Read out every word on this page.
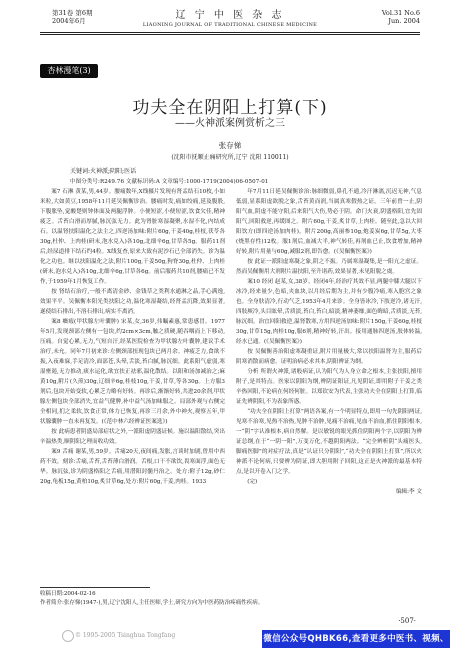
第31卷 第6期
2004年6月	辽 宁 中 医 杂 志
LIAONING JOURNAL OF TRADITIONAL CHINESE MEDICINE
Vol.31 No.6
Jun. 2004
杏林漫笔(3)
功夫全在阴阳上打算(下)
——火神派案例赏析之三
张存悌
(沈阳市抚顺止痛研究所,辽宁 沈阳 110011)
关键词:火神派;阴阳;医话
中图分类号:R249.76 文献标识码:A 文章编号:1000-1719(2004)06-0507-01

案7 石淋 黄某,男,44岁。腰痛数年,X线摄片发现有肾盂结石10枚,小如米粒,大如黄豆,1958年11月延吴佩衡诊治。腰痛时发,痛如绞痛,延及腹股,下腹胀坠,觉酸楚则钟体面及两腿浮肿。小便短涩,小便短涩,饮食欠佳,精神疲乏。舌苔白滑而厚腻,脉沉弦无力。此为肾脏寒湿凝聚,水湿不化,内结成石。以温肾扶阳温化之法主之,四逆汤加味:附片60g,干姜40g,桂枝,茯苓各30g,杜仲、上肉桂(研末,泡水兑入)各10g,北细辛6g,甘草各5g。服药11剂后,经尿道排下结石约4粒。X线复查,原来大致有泥沙石已全部消失。诊为温化之功也。继以扶阳温化之法,附片100g,干姜50g,狗脊30g,杜仲、上肉桂(研末,泡水兑入)各10g,北细辛6g,甘草各6g。前后服药共10剂,腰痛已不发作,于1959年1月恢复工作。

按 肾结石治疗,一般不离清金砂、金钱草之类利水通淋之品,手心满逸,效果平平。吴佩衡本阳光类扶阳之功,温化寒湿凝结,经肾盂沉降,效果显著,遂使结石排出,不溶石排出,病实不离消。

案8 癥瘕(甲状腺左叶囊肿) 宋某,女,36岁,伟瞩素惠,常患感冒。1977年5月,发现颈部左侧有一包块,约2cm×3cm,触之质硬,随吞咽而上下移动,压痛。自觉心累,无力,气短自汗,经某医院检查为甲状腺左叶囊肿,建议手术治疗,未允。同年7月初来诊:左侧颈部扭现包块已两月余。神疲乏力,食欲不振,入夜难寐,手足清冷,面部苍,头晕,舌淡,苔白腻,脉沉细。此系阳气虚弱,寒湿壅遏,无力推动,痰水运化,欲宜扶正祛邪,温化散结。以阳和汤加减治之;麻黄10g,附片(久煎)30g,辽细辛6g,桂枝10g,干姜,甘草,等各30g。上方服3剂后,包块开始变软,心累乏力略有好转。再诊后,渐渐好转,共进20余剂,甲状腺左侧包块全部消失,宜益气健脾,补中益气汤加味服之。局部外观与右侧完全相同,扪之柔软,饮食正常,体力已恢复,再诊三月余,外中神火,观察五年,甲状腺囊肿一直未再复发。(《范中林六经辨证医案选》)

按 此病患者阴盛局部症状之外,一派阳虚阴盛证候。施以温阳散结,突出辛温热类,顺阴阳之理而收功效。

案9 舌痛 谢某,男,59岁。舌痛20天,夜间痛,发胀,言谈时加剧,曾用中西药不效。刻诊:舌痛,舌苔,舌苔薄白滑润。舌根,口干不欲饮,畏寒面浮,面色无华。脉沉弦,诊为阴盛格阳之舌痛,用潜阳封髓丹治之。处方:附子12g,砂仁20g,龟板15g,黄柏10g,炙甘草6g,处方:附片60g,干姜,肉桂。1933

年7月11日延吴佩衡诊治:脉细微弱,鼻孔不通,冷汗淋漓,沉迟无神,气息低弱,显系阳虚欲脱之象,舌苔黄而润,当属真寒假热之证。三年前曾一止,阴阳气血,阴虚不能守阳,后来阳气大伤,势必于阴。命门火衰,阴盛格阳,宜先固阳气,回阳救逆,再缓图之。附片60g,干姜,炙甘草,上肉桂。随至此,急以大回阳饮方(即四逆汤加肉桂)。附片200g,高丽参10g,炮姜炭6g,甘草5g,大枣(烧黑存性)12枚。服1剂后,血减大半,神气转佳,再剂血已止,饮食增加,精神好转,附片用量与60g,减服2剂,即告愈。(《吴佩衡医案》)

按 此证一派阳虚寒凝之象,阴之不振。乃属寒湿凝集,是一阳亢之虚证。然而吴佩衡用大剂附片温扶阳,至升诸药,效果显著,未见阳脱之虞。

案10 经闭 赵某,女,38岁。经闭4年,经治疗其效不显,两腿中膝大腿以下冰冷,经来量少,色暗,夹血块,以月经后期为主,并有少腹冷痛,寒入胞宫之象也。全身肤清冷,行动气乏,1953年4月来诊。全身皆冰冷,下肢逆冷,诸无汗,四肢厥冷,头目眩晕,舌质淡,苔白,苔白,暗淡,精神萎靡,面色晦暗,舌质淡,无苔,脉沉细。治宜回阳救逆,温肾散寒,方用四逆汤加味:附片150g,干姜60g,桂枝30g,甘草15g,肉桂10g,服6剂,精神好转,汗出。接用通脉四逆汤,肢体转温,经水已通。(《吴佩衡医案》)

按 吴佩衡善治阳虚寒凝重证,附片用量极大,常以扶阳温肾为主,服药后阴寒消散而病愈。证明治病必求其本,阴阳辨证为纲。

分析 所谓火神派,诸般病证,认为阳气为人身立命之根本,主张扶阳,擅用附子,是其特点。医家以阴阳为纲,辨阴证阳证,凡见阴证,即用附子干姜之类辛热回阳,不论病在何经何脏。以郑钦安为代表,主张功夫全在阴阳上打算,临证先辨阴阳,不为表象所惑。

“功夫全在阴阳上打算”两语各案,有一个明显特点,即用一句先阴阳两证,见寒不治寒,见热不治热,见肿不治肿,见痛不治痛,见血不治血,抓住阴阳根本,一“阴”字认准根本,病自然解。是以敏锐的眼光抓住阴阳两个字,以阴阳为辨证总纲,在于“一阴一阳”,万变万化,不越阴阳两法。“完全辨析阴“头痛医头,脚痛医脚”的对症疗法,真是“认证只分阴阳”,“功夫全在阴阳上打算”,所以火神派不论何病,只要辨为阴证,即大胆用附子回阳,这正是火神派的最基本特点,是以开卷入门之学。

(完)

编辑:李 文

收稿日期:2004-02-16
作者简介:张存悌(1947-),男,辽宁沈阳人,主任医师,学士,研究方向为中医药防治疼痛性疾病。
·507·
© 1995-2005 Tsinghua Tongfang	微信公众号QHBK66,查看更多中医书、视频、音频
